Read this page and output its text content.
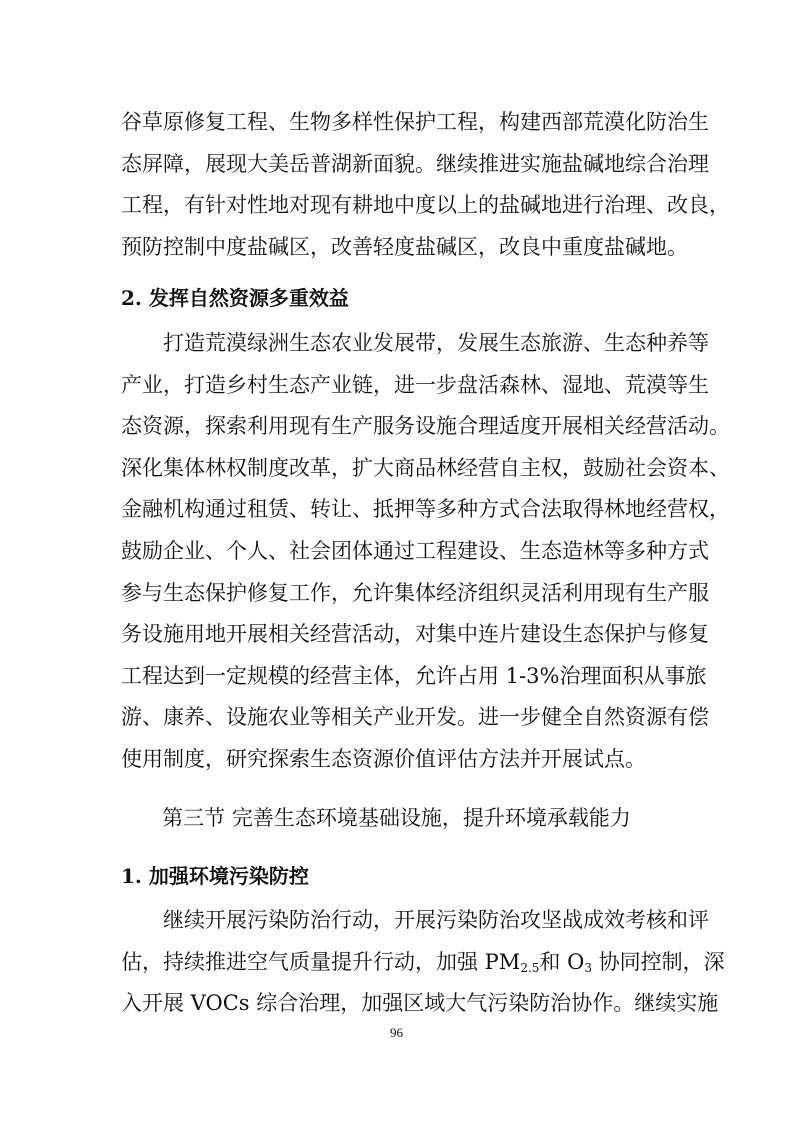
谷草原修复工程、生物多样性保护工程，构建西部荒漠化防治生
态屏障，展现大美岳普湖新面貌。继续推进实施盐碱地综合治理
工程，有针对性地对现有耕地中度以上的盐碱地进行治理、改良，
预防控制中度盐碱区，改善轻度盐碱区，改良中重度盐碱地。
2. 发挥自然资源多重效益
　　打造荒漠绿洲生态农业发展带，发展生态旅游、生态种养等
产业，打造乡村生态产业链，进一步盘活森林、湿地、荒漠等生
态资源，探索利用现有生产服务设施合理适度开展相关经营活动。
深化集体林权制度改革，扩大商品林经营自主权，鼓励社会资本、
金融机构通过租赁、转让、抵押等多种方式合法取得林地经营权，
鼓励企业、个人、社会团体通过工程建设、生态造林等多种方式
参与生态保护修复工作，允许集体经济组织灵活利用现有生产服
务设施用地开展相关经营活动，对集中连片建设生态保护与修复
工程达到一定规模的经营主体，允许占用 1-3%治理面积从事旅
游、康养、设施农业等相关产业开发。进一步健全自然资源有偿
使用制度，研究探索生态资源价值评估方法并开展试点。
第三节 完善生态环境基础设施，提升环境承载能力
1. 加强环境污染防控
　　继续开展污染防治行动，开展污染防治攻坚战成效考核和评
估，持续推进空气质量提升行动，加强 $PM_{2.5}$和 $O_3$ 协同控制，深
入开展 VOCs 综合治理，加强区域大气污染防治协作。继续实施
96
